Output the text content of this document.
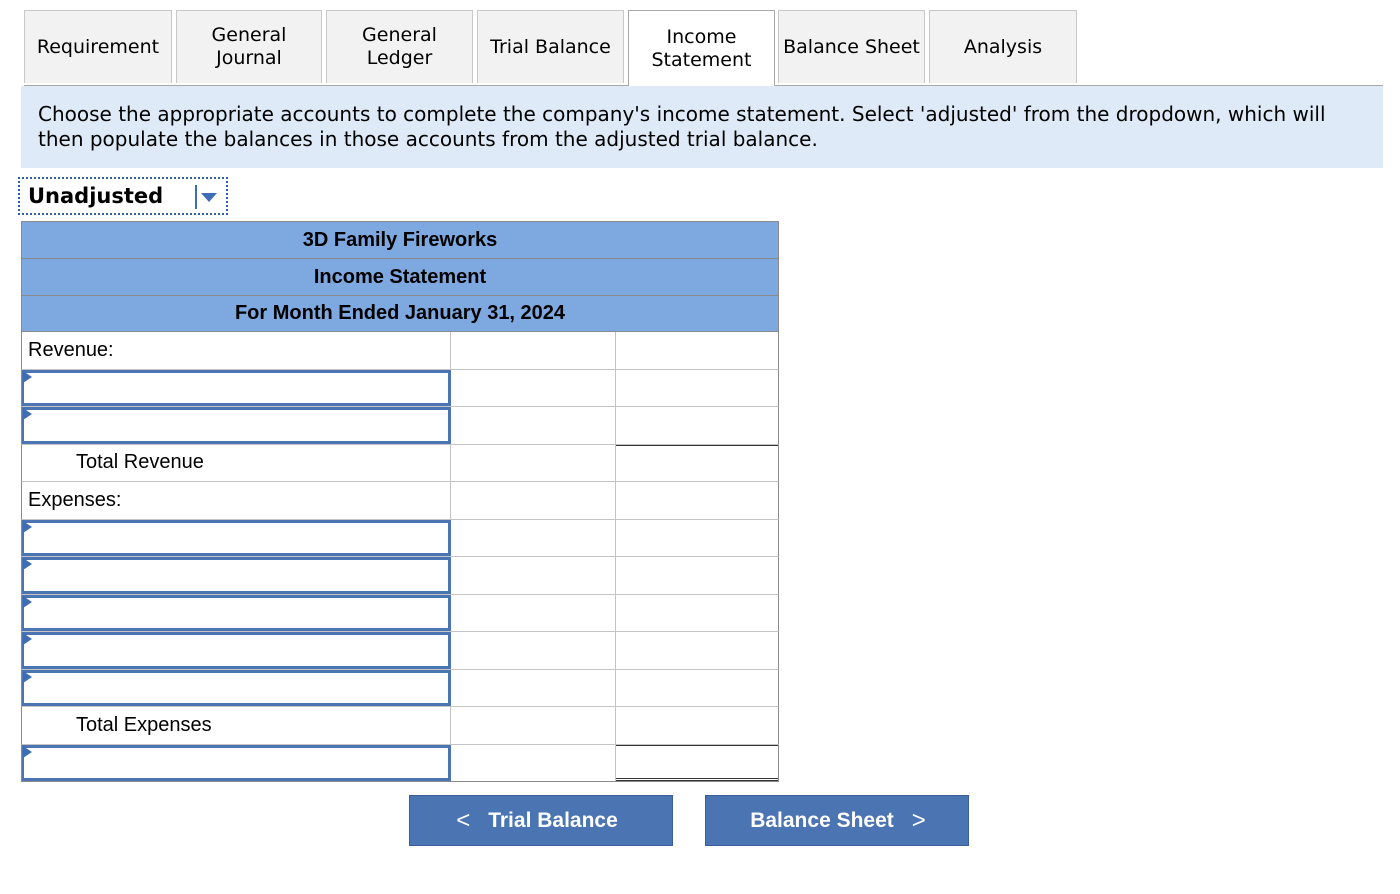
Requirement
General
Journal
General
Ledger
Trial Balance	Income
Statement
Balance Sheet Analysis
Choose the appropriate accounts to complete the company's income statement. Select 'adjusted' from the dropdown, which will then populate the balances in those accounts from the adjusted trial balance.
Unadjusted
3D Family Fireworks
Income Statement
For Month Ended January 31, 2024
Revenue:
Total Revenue
Expenses:
Total Expenses
< Trial Balance	Balance Sheet >
